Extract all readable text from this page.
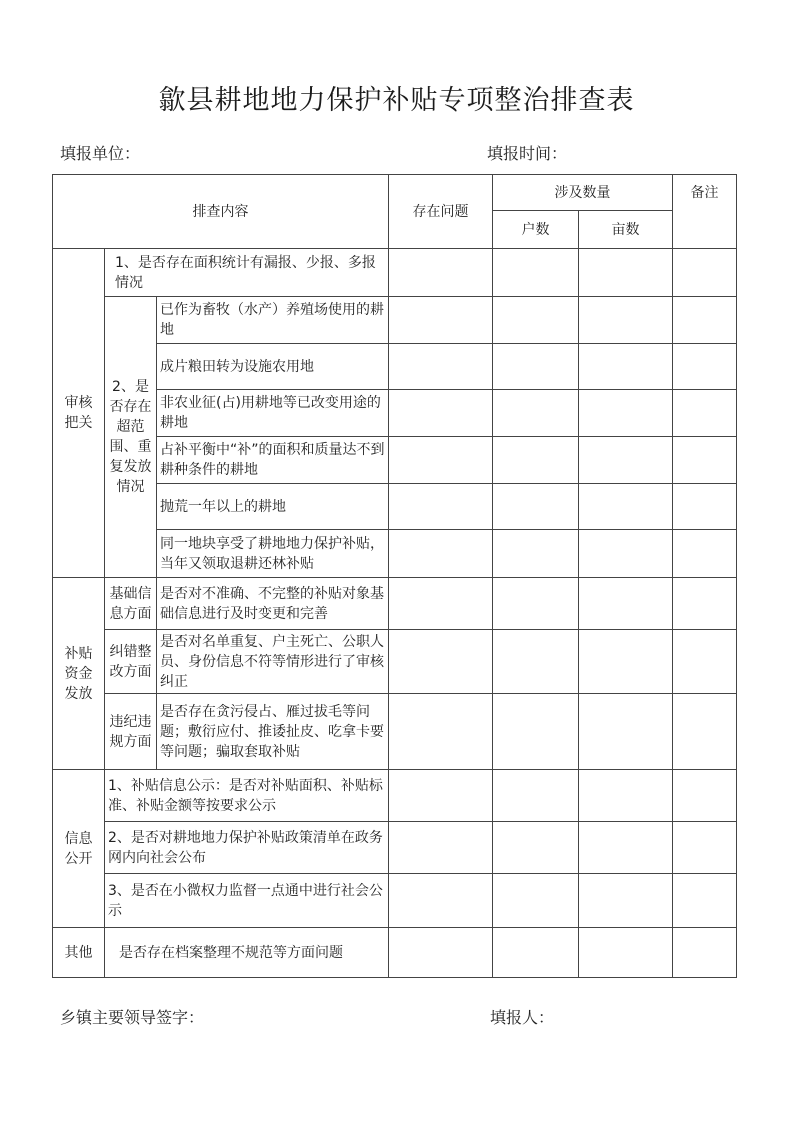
歙县耕地地力保护补贴专项整治排查表
填报单位：	填报时间：
排查内容			存在问题	涉及数量		备注
				户数	亩数	
审核
把关	1、是否存在面积统计有漏报、少报、多报情况					
	2、是否存在超范围、重复发放情况	已作为畜牧（水产）养殖场使用的耕地				

		成片粮田转为设施农用地				

		非农业征(占)用耕地等已改变用途的耕地				

		占补平衡中“补”的面积和质量达不到耕种条件的耕地				

		抛荒一年以上的耕地				

		同一地块享受了耕地地力保护补贴，当年又领取退耕还林补贴				

补贴
资金
发放	基础信息方面	是否对不准确、不完整的补贴对象基础信息进行及时变更和完善				

	纠错整改方面	是否对名单重复、户主死亡、公职人员、身份信息不符等情形进行了审核纠正				

	违纪违规方面	是否存在贪污侵占、雁过拔毛等问题；敷衍应付、推诿扯皮、吃拿卡要等问题；骗取套取补贴				

信息
公开	1、补贴信息公示：是否对补贴面积、补贴标准、补贴金额等按要求公示					

	2、是否对耕地地力保护补贴政策清单在政务网内向社会公布					

	3、是否在小微权力监督一点通中进行社会公示					

其他	是否存在档案整理不规范等方面问题					
乡镇主要领导签字：	填报人：
